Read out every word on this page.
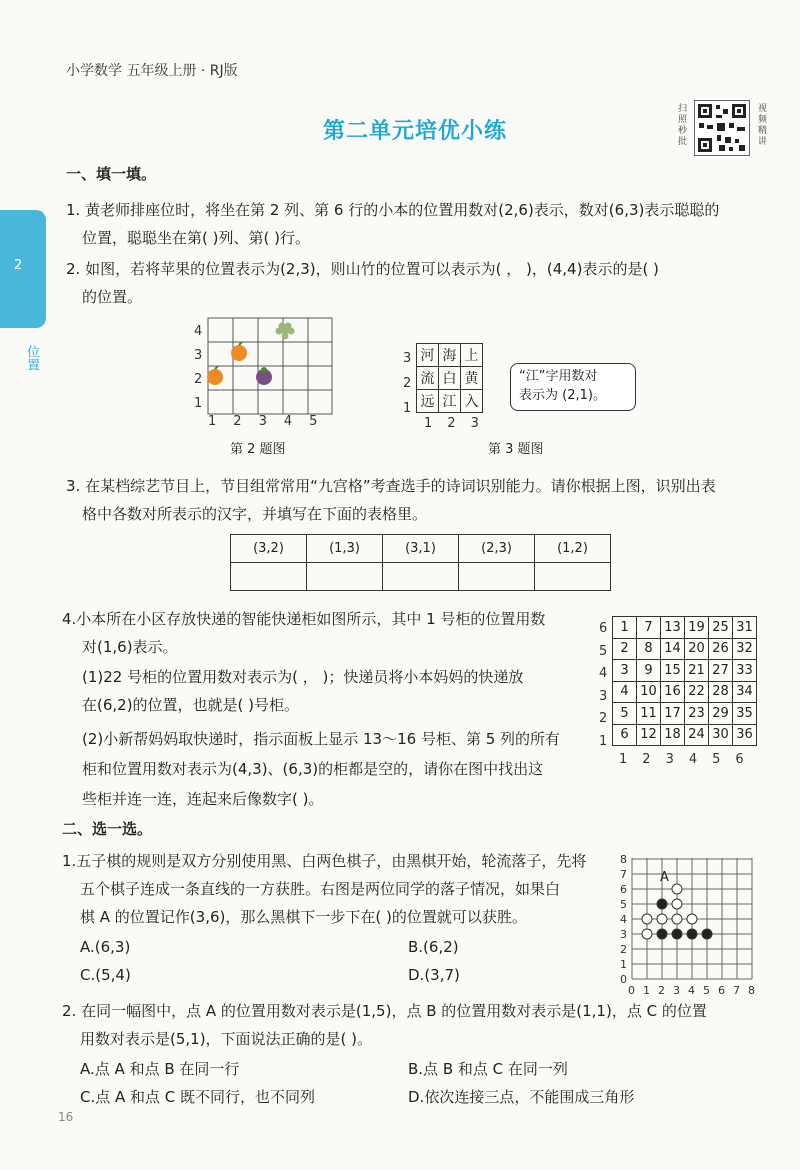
小学数学 五年级上册 · RJ版
第二单元培优小练
扫照秒批
视频精讲
2
位置
一、填一填。
1. 黄老师排座位时，将坐在第 2 列、第 6 行的小本的位置用数对(2,6)表示，数对(6,3)表示聪聪的
位置，聪聪坐在第( )列、第( )行。
2. 如图，若将苹果的位置表示为(2,3)，则山竹的位置可以表示为( ， )，(4,4)表示的是( )
的位置。
4
3
2
1
1 2 3 4 5
第 2 题图
3
2
1
河	海	上
流	白	黄
远	江	入
1 2 3
“江”字用数对
表示为 (2,1)。
第 3 题图
3. 在某档综艺节目上，节目组常常用“九宫格”考查选手的诗词识别能力。请你根据上图，识别出表
格中各数对所表示的汉字，并填写在下面的表格里。
(3,2)	(1,3)	(3,1)	(2,3)	(1,2)

4.小本所在小区存放快递的智能快递柜如图所示，其中 1 号柜的位置用数
对(1,6)表示。
(1)22 号柜的位置用数对表示为( ， )；快递员将小本妈妈的快递放
在(6,2)的位置，也就是( )号柜。
(2)小新帮妈妈取快递时，指示面板上显示 13～16 号柜、第 5 列的所有
柜和位置用数对表示为(4,3)、(6,3)的柜都是空的，请你在图中找出这
些柜并连一连，连起来后像数字( )。
6
5
4
3
2
1
1	7	13	19	25	31
2	8	14	20	26	32
3	9	15	21	27	33
4	10	16	22	28	34
5	11	17	23	29	35
6	12	18	24	30	36
1 2 3 4 5 6
二、选一选。
1.五子棋的规则是双方分别使用黑、白两色棋子，由黑棋开始，轮流落子，先将
五个棋子连成一条直线的一方获胜。右图是两位同学的落子情况，如果白
棋 A 的位置记作(3,6)，那么黑棋下一步下在( )的位置就可以获胜。
A.(6,3)	B.(6,2)
C.(5,4)	D.(3,7)	0
1
2
3
4
5
6
7
8
0 1 2 3 4 5 6 7 8
A
2. 在同一幅图中，点 A 的位置用数对表示是(1,5)，点 B 的位置用数对表示是(1,1)，点 C 的位置
用数对表示是(5,1)，下面说法正确的是( )。
A.点 A 和点 B 在同一行	B.点 B 和点 C 在同一列
C.点 A 和点 C 既不同行，也不同列	D.依次连接三点，不能围成三角形
16
